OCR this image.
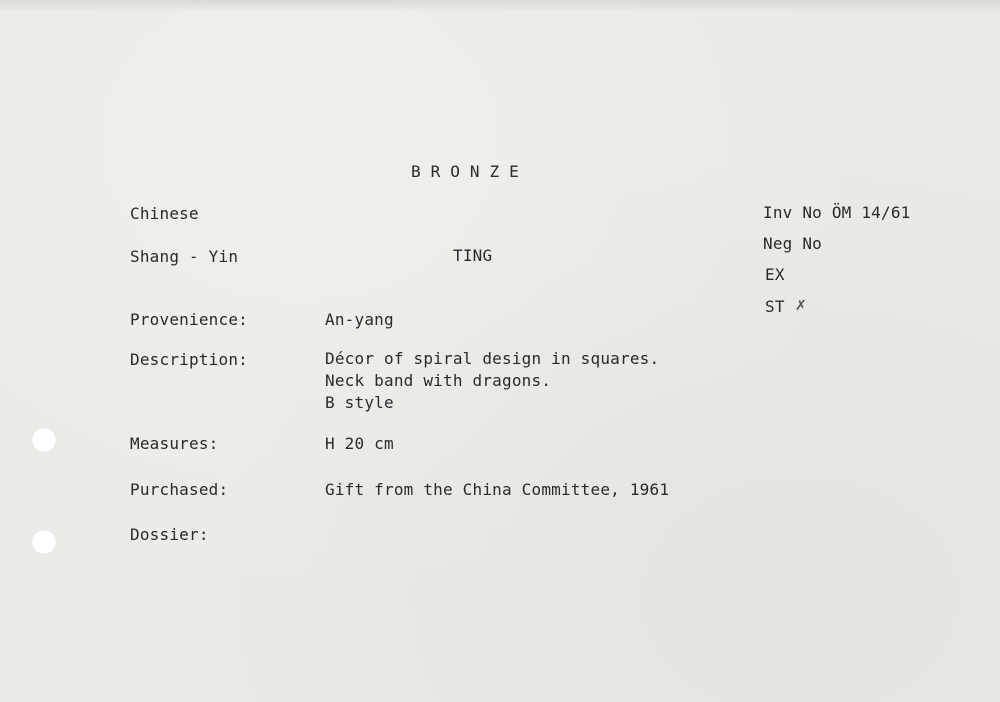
BRONZE
Chinese
Shang - Yin	TING
Inv No ÖM 14/61
Neg No
EX
ST ✗
Provenience:	An-yang
Description:	Décor of spiral design in squares.
Neck band with dragons.
B style
Measures:	H 20 cm
Purchased:	Gift from the China Committee, 1961
Dossier:
